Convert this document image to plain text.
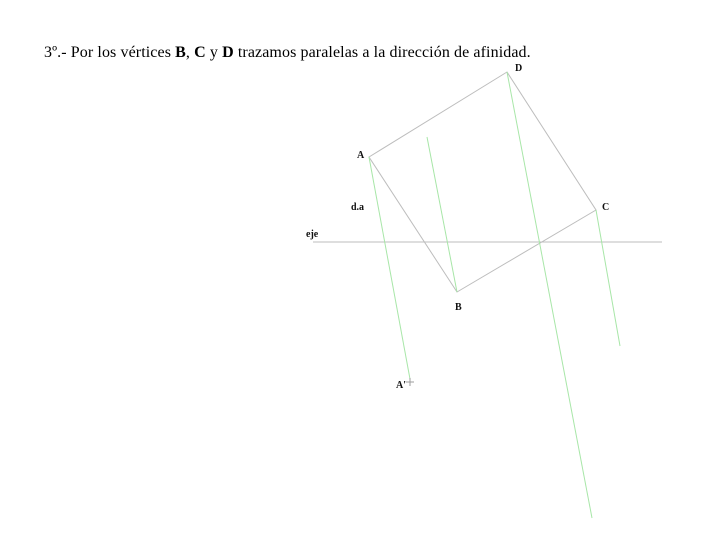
3º.- Por los vértices B, C y D trazamos paralelas a la dirección de afinidad.
A
B
C
D
A'
d.a
eje
